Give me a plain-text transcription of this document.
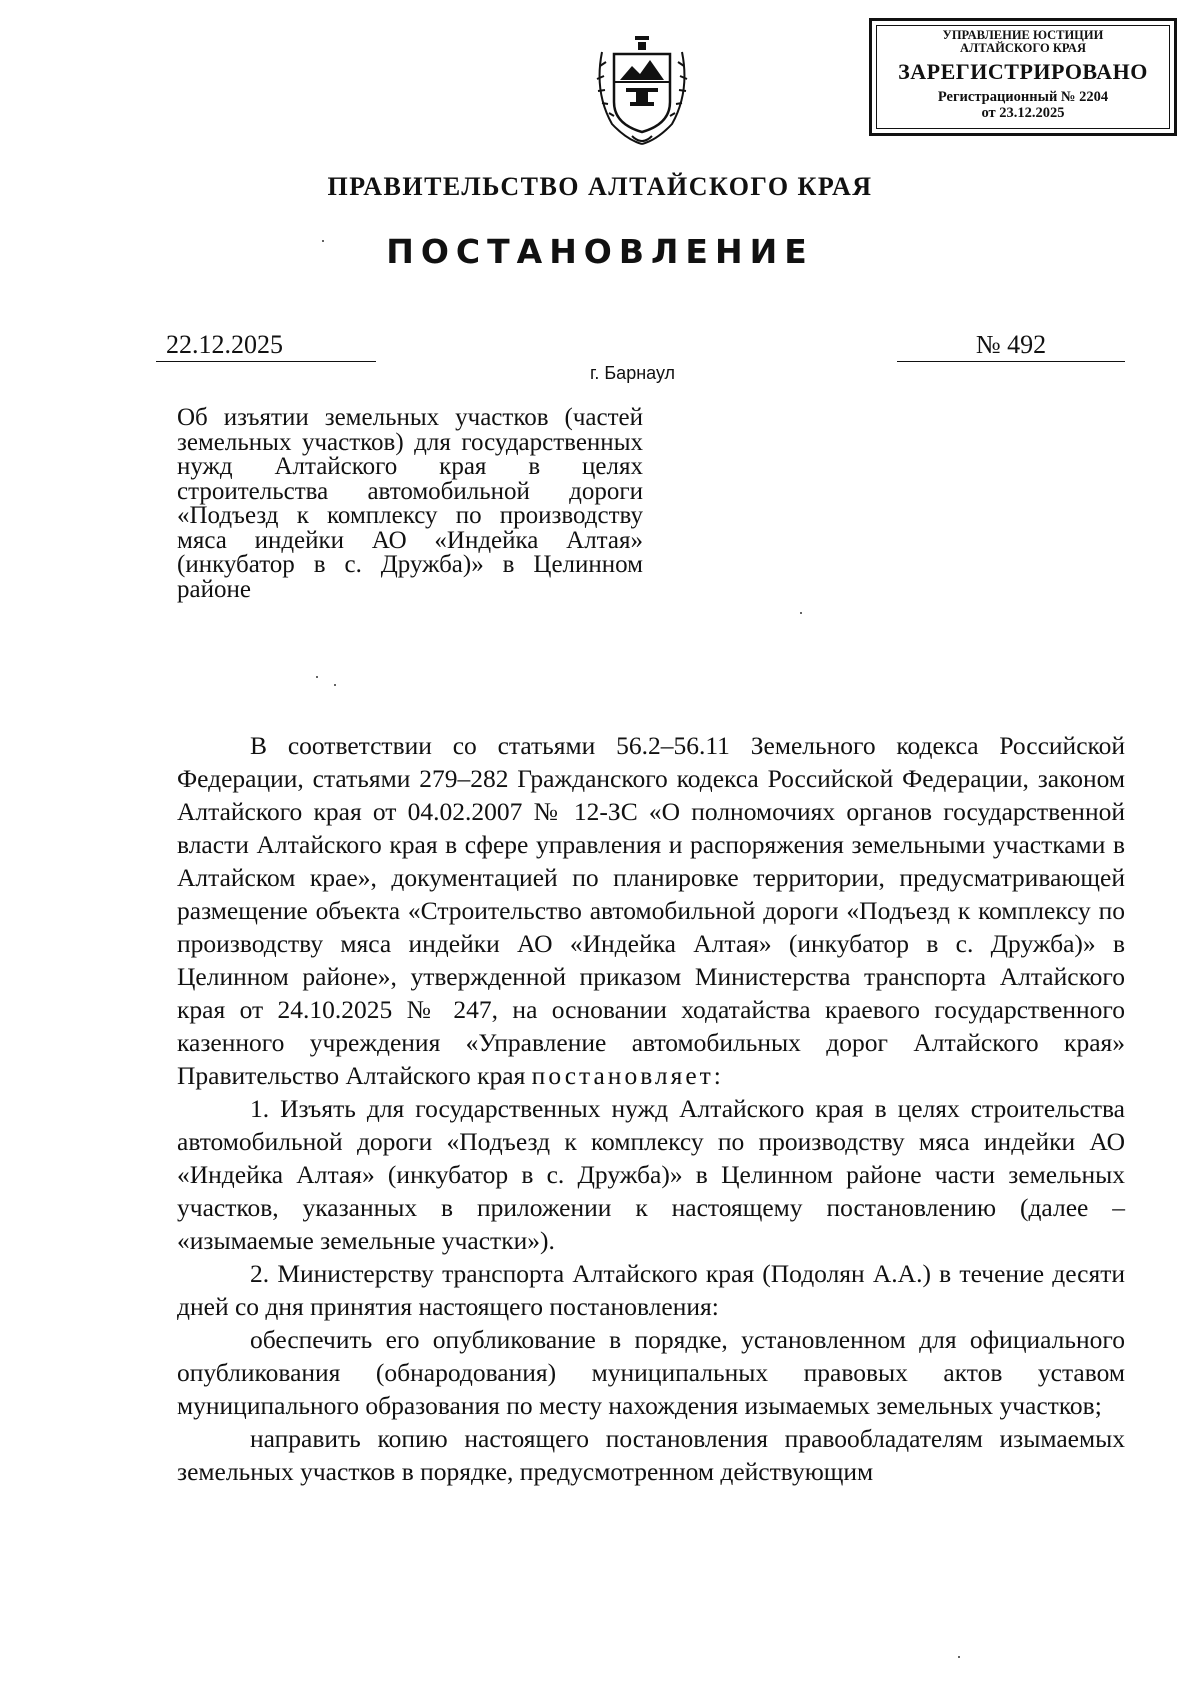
УПРАВЛЕНИЕ ЮСТИЦИИ
АЛТАЙСКОГО КРАЯ
ЗАРЕГИСТРИРОВАНО
Регистрационный № 2204
от 23.12.2025
ПРАВИТЕЛЬСТВО АЛТАЙСКОГО КРАЯ
ПОСТАНОВЛЕНИЕ
22.12.2025	№ 492
г. Барнаул
Об изъятии земельных участков (частей земельных участков) для государственных нужд Алтайского края в целях строительства автомобильной дороги «Подъезд к комплексу по производству мяса индейки АО «Индейка Алтая» (инкубатор в с. Дружба)» в Целинном районе

В соответствии со статьями 56.2–56.11 Земельного кодекса Российской Федерации, статьями 279–282 Гражданского кодекса Российской Федерации, законом Алтайского края от 04.02.2007 № 12-ЗС «О полномочиях органов государственной власти Алтайского края в сфере управления и распоряжения земельными участками в Алтайском крае», документацией по планировке территории, предусматривающей размещение объекта «Строительство автомобильной дороги «Подъезд к комплексу по производству мяса индейки АО «Индейка Алтая» (инкубатор в с. Дружба)» в Целинном районе», утвержденной приказом Министерства транспорта Алтайского края от 24.10.2025 № 247, на основании ходатайства краевого государственного казенного учреждения «Управление автомобильных дорог Алтайского края» Правительство Алтайского края постановляет:

1. Изъять для государственных нужд Алтайского края в целях строительства автомобильной дороги «Подъезд к комплексу по производству мяса индейки АО «Индейка Алтая» (инкубатор в с. Дружба)» в Целинном районе части земельных участков, указанных в приложении к настоящему постановлению (далее – «изымаемые земельные участки»).

2. Министерству транспорта Алтайского края (Подолян А.А.) в течение десяти дней со дня принятия настоящего постановления:

обеспечить его опубликование в порядке, установленном для официального опубликования (обнародования) муниципальных правовых актов уставом муниципального образования по месту нахождения изымаемых земельных участков;

направить копию настоящего постановления правообладателям изымаемых земельных участков в порядке, предусмотренном действующим
